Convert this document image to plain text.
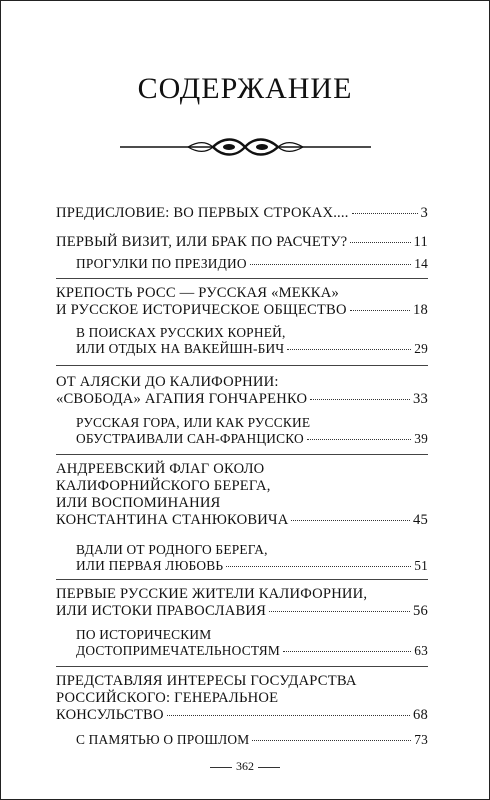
СОДЕРЖАНИЕ
ПРЕДИСЛОВИЕ: ВО ПЕРВЫХ СТРОКАХ....	3
ПЕРВЫЙ ВИЗИТ, ИЛИ БРАК ПО РАСЧЕТУ?	11
ПРОГУЛКИ ПО ПРЕЗИДИО	14
КРЕПОСТЬ РОСС — РУССКАЯ «МЕККА»
И РУССКОЕ ИСТОРИЧЕСКОЕ ОБЩЕСТВО	18
В ПОИСКАХ РУССКИХ КОРНЕЙ,
ИЛИ ОТДЫХ НА ВАКЕЙШН-БИЧ	29
ОТ АЛЯСКИ ДО КАЛИФОРНИИ:
«СВОБОДА» АГАПИЯ ГОНЧАРЕНКО	33
РУССКАЯ ГОРА, ИЛИ КАК РУССКИЕ
ОБУСТРАИВАЛИ САН-ФРАНЦИСКО	39
АНДРЕЕВСКИЙ ФЛАГ ОКОЛО
КАЛИФОРНИЙСКОГО БЕРЕГА,
ИЛИ ВОСПОМИНАНИЯ
КОНСТАНТИНА СТАНЮКОВИЧА	45
ВДАЛИ ОТ РОДНОГО БЕРЕГА,
ИЛИ ПЕРВАЯ ЛЮБОВЬ	51
ПЕРВЫЕ РУССКИЕ ЖИТЕЛИ КАЛИФОРНИИ,
ИЛИ ИСТОКИ ПРАВОСЛАВИЯ	56
ПО ИСТОРИЧЕСКИМ
ДОСТОПРИМЕЧАТЕЛЬНОСТЯМ	63
ПРЕДСТАВЛЯЯ ИНТЕРЕСЫ ГОСУДАРСТВА
РОССИЙСКОГО: ГЕНЕРАЛЬНОЕ
КОНСУЛЬСТВО	68
С ПАМЯТЬЮ О ПРОШЛОМ	73
362
